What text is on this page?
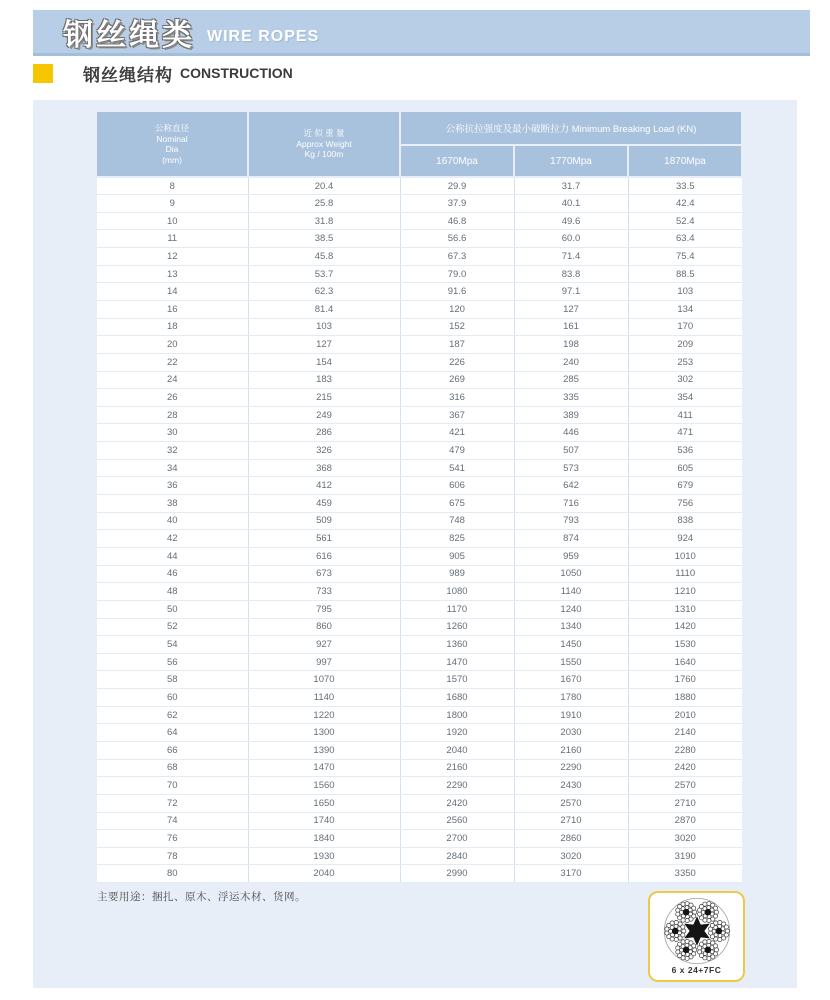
钢丝绳类 WIRE ROPES
钢丝绳结构 CONSTRUCTION
公称直径
Nominal
Dia
(mm)	近 似 重 量
Approx Weight
Kg / 100m	公称抗拉强度及最小破断拉力 Minimum Breaking Load (KN)		
		1670Mpa	1770Mpa	1870Mpa
8	20.4	29.9	31.7	33.5
9	25.8	37.9	40.1	42.4
10	31.8	46.8	49.6	52.4
11	38.5	56.6	60.0	63.4
12	45.8	67.3	71.4	75.4
13	53.7	79.0	83.8	88.5
14	62.3	91.6	97.1	103
16	81.4	120	127	134
18	103	152	161	170
20	127	187	198	209
22	154	226	240	253
24	183	269	285	302
26	215	316	335	354
28	249	367	389	411
30	286	421	446	471
32	326	479	507	536
34	368	541	573	605
36	412	606	642	679
38	459	675	716	756
40	509	748	793	838
42	561	825	874	924
44	616	905	959	1010
46	673	989	1050	1110
48	733	1080	1140	1210
50	795	1170	1240	1310
52	860	1260	1340	1420
54	927	1360	1450	1530
56	997	1470	1550	1640
58	1070	1570	1670	1760
60	1140	1680	1780	1880
62	1220	1800	1910	2010
64	1300	1920	2030	2140
66	1390	2040	2160	2280
68	1470	2160	2290	2420
70	1560	2290	2430	2570
72	1650	2420	2570	2710
74	1740	2560	2710	2870
76	1840	2700	2860	3020
78	1930	2840	3020	3190
80	2040	2990	3170	3350
主要用途：捆扎、原木、浮运木材、货网。
6 x 24+7FC
